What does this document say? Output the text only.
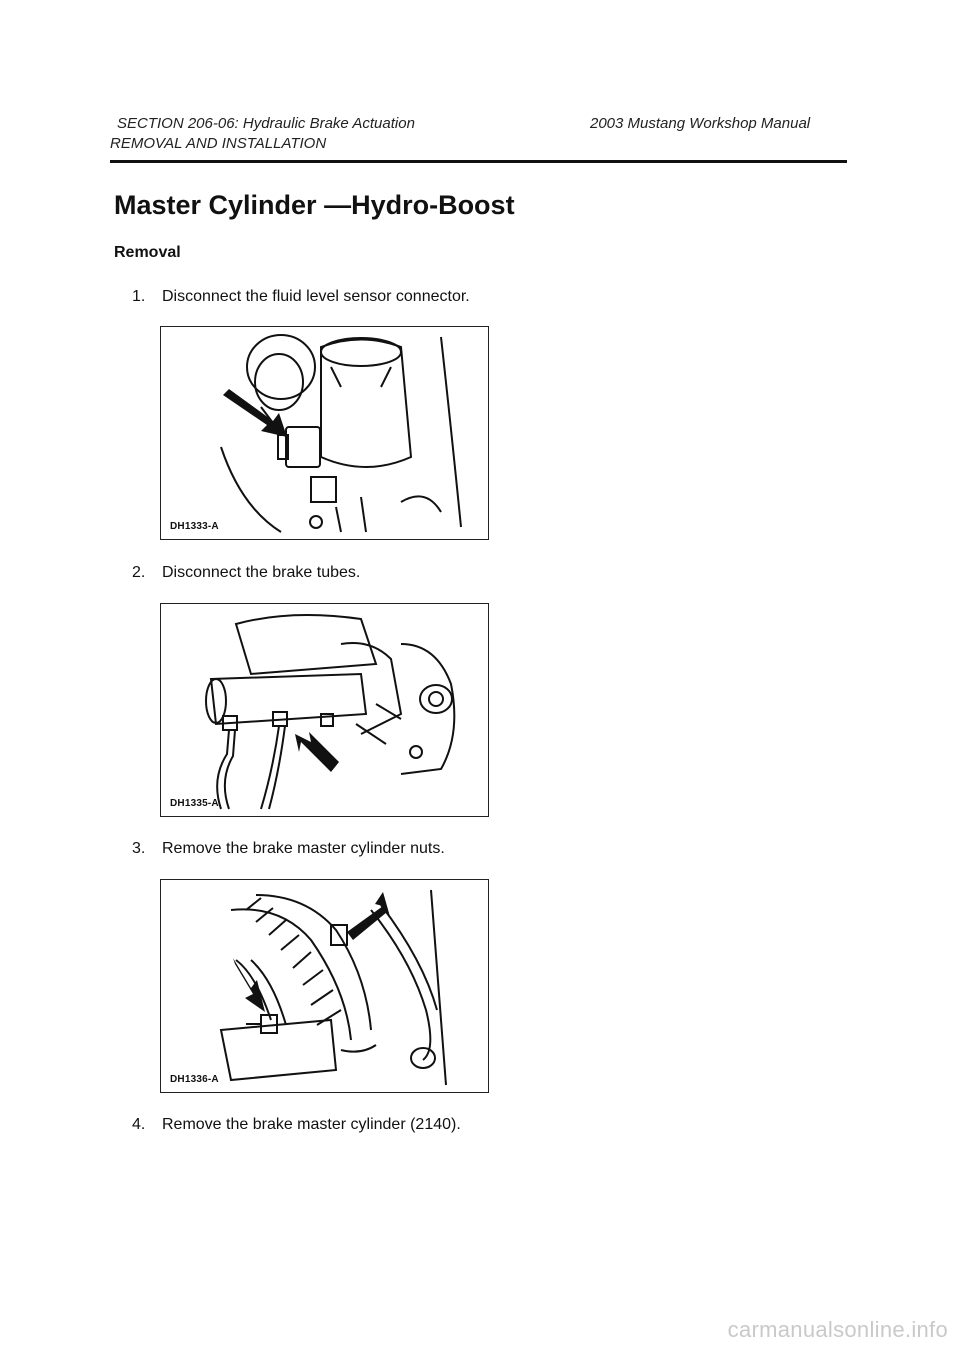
SECTION 206-06: Hydraulic Brake Actuation	2003 Mustang Workshop Manual
REMOVAL AND INSTALLATION
Master Cylinder —Hydro-Boost
Removal
1. Disconnect the fluid level sensor connector.
DH1333-A
2. Disconnect the brake tubes.
DH1335-A
3. Remove the brake master cylinder nuts.
DH1336-A
4. Remove the brake master cylinder (2140).
carmanualsonline.info
